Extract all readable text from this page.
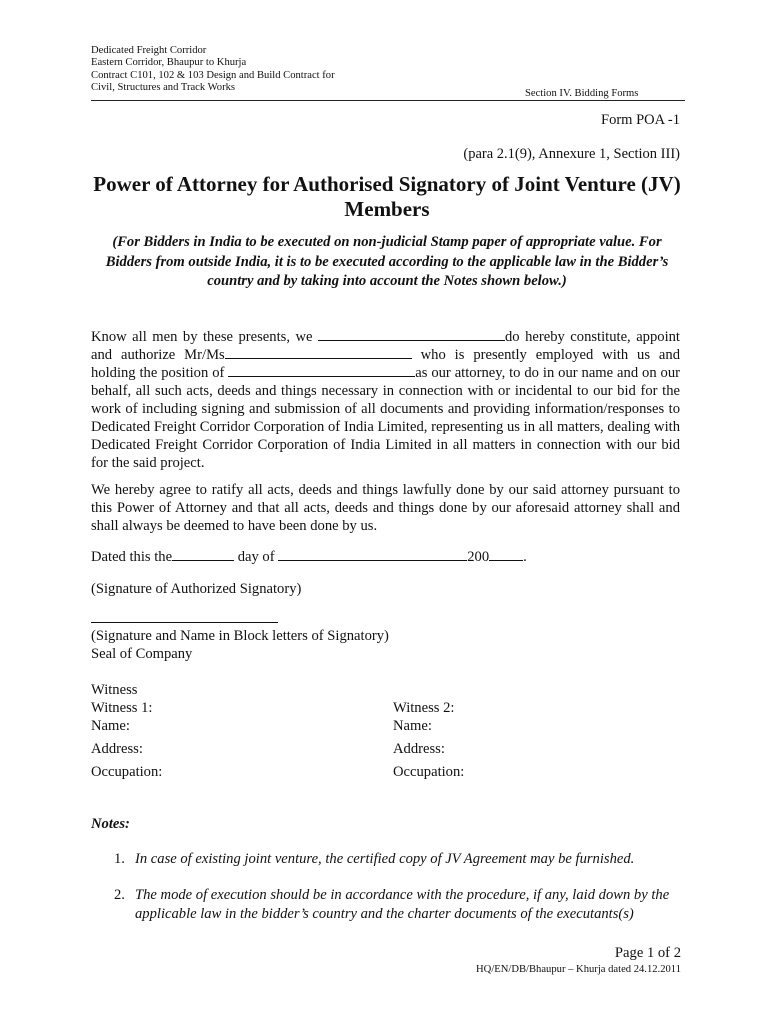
Dedicated Freight Corridor
Eastern Corridor, Bhaupur to Khurja
Contract C101, 102 & 103 Design and Build Contract for
Civil, Structures and Track Works
Section IV. Bidding Forms
Form POA -1
(para 2.1(9), Annexure 1, Section III)
Power of Attorney for Authorised Signatory of Joint Venture (JV)
Members
(For Bidders in India to be executed on non-judicial Stamp paper of appropriate value. For Bidders from outside India, it is to be executed according to the applicable law in the Bidder’s country and by taking into account the Notes shown below.)
Know all men by these presents, we	do hereby constitute, appoint and authorize Mr/Ms	who is presently employed with us and holding the position of	as our attorney, to do in our name and on our behalf, all such acts, deeds and things necessary in connection with or incidental to our bid for the work of including signing and submission of all documents and providing information/responses to Dedicated Freight Corridor Corporation of India Limited, representing us in all matters, dealing with Dedicated Freight Corridor Corporation of India Limited in all matters in connection with our bid for the said project.
We hereby agree to ratify all acts, deeds and things lawfully done by our said attorney pursuant to this Power of Attorney and that all acts, deeds and things done by our aforesaid attorney shall and shall always be deemed to have been done by us.
Dated this the	day of	200 .
(Signature of Authorized Signatory)
(Signature and Name in Block letters of Signatory)
Seal of Company
Witness
Witness 1:
Name:
Address:
Occupation:
Witness 2:
Name:
Address:
Occupation:
Notes:
1. In case of existing joint venture, the certified copy of JV Agreement may be furnished.
2. The mode of execution should be in accordance with the procedure, if any, laid down by the applicable law in the bidder’s country and the charter documents of the executants(s)
Page 1 of 2
HQ/EN/DB/Bhaupur – Khurja dated 24.12.2011
